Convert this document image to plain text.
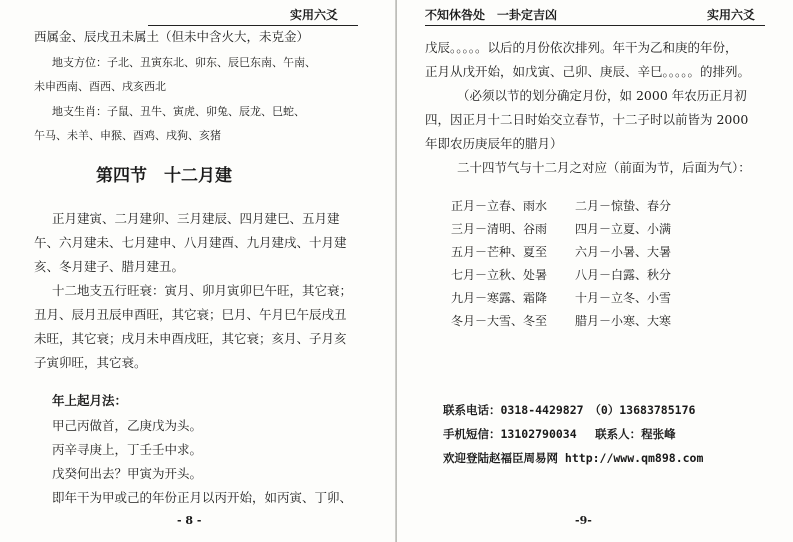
实用六爻
西属金、辰戌丑未属土（但未中含火大，未克金）
地支方位：子北、丑寅东北、卯东、辰巳东南、午南、
未申西南、酉西、戌亥西北
地支生肖：子鼠、丑牛、寅虎、卯兔、辰龙、巳蛇、
午马、未羊、申猴、酉鸡、戌狗、亥猪
第四节　十二月建
正月建寅、二月建卯、三月建辰、四月建巳、五月建
午、六月建未、七月建申、八月建酉、九月建戌、十月建
亥、冬月建子、腊月建丑。
十二地支五行旺衰：寅月、卯月寅卯巳午旺，其它衰；
丑月、辰月丑辰申酉旺，其它衰；巳月、午月巳午辰戌丑
未旺，其它衰；戌月未申酉戌旺，其它衰；亥月、子月亥
子寅卯旺，其它衰。
年上起月法：
甲己丙做首，乙庚戊为头。
丙辛寻庚上，丁壬壬中求。
戊癸何出去？甲寅为开头。
即年干为甲或己的年份正月以丙开始，如丙寅、丁卯、
- 8 -
不知休咎处　一卦定吉凶	实用六爻
戊辰。。。。。以后的月份依次排列。年干为乙和庚的年份，
正月从戊开始，如戊寅、己卯、庚辰、辛巳。。。。。的排列。
（必须以节的划分确定月份，如 2000 年农历正月初
四，因正月十二日时始交立春节，十二子时以前皆为 2000
年即农历庚辰年的腊月）
二十四节气与十二月之对应（前面为节，后面为气）：
正月－立春、雨水 二月－惊蛰、春分
三月－清明、谷雨 四月－立夏、小满
五月－芒种、夏至 六月－小暑、大暑
七月－立秋、处暑 八月－白露、秋分
九月－寒露、霜降 十月－立冬、小雪
冬月－大雪、冬至 腊月－小寒、大寒
联系电话：0318-4429827　（0）13683785176
手机短信：13102790034　 联系人：程张峰
欢迎登陆赵福臣周易网 http://www.qm898.com
-9-
